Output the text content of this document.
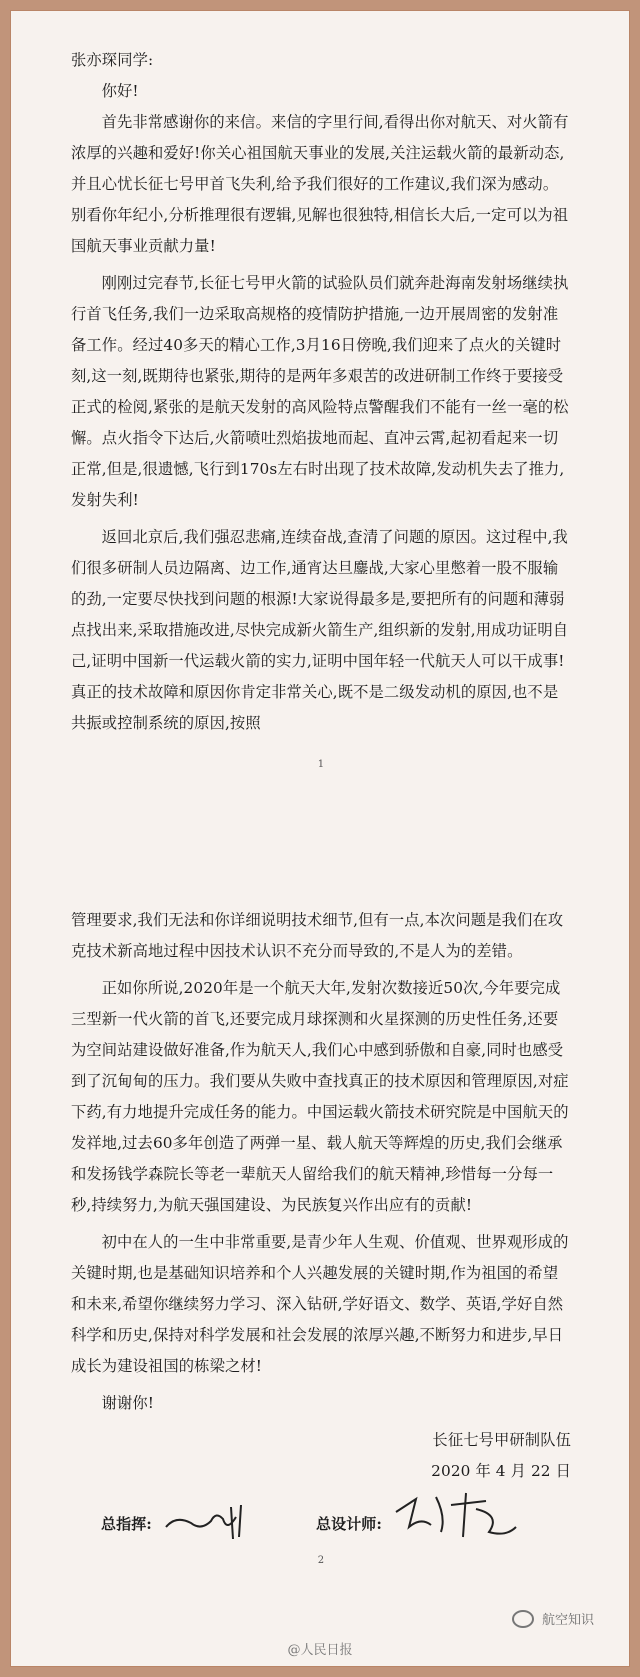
张亦琛同学:

你好!

首先非常感谢你的来信。来信的字里行间,看得出你对航天、对火箭有浓厚的兴趣和爱好!你关心祖国航天事业的发展,关注运载火箭的最新动态,并且心忧长征七号甲首飞失利,给予我们很好的工作建议,我们深为感动。别看你年纪小,分析推理很有逻辑,见解也很独特,相信长大后,一定可以为祖国航天事业贡献力量!

刚刚过完春节,长征七号甲火箭的试验队员们就奔赴海南发射场继续执行首飞任务,我们一边采取高规格的疫情防护措施,一边开展周密的发射准备工作。经过40多天的精心工作,3月16日傍晚,我们迎来了点火的关键时刻,这一刻,既期待也紧张,期待的是两年多艰苦的改进研制工作终于要接受正式的检阅,紧张的是航天发射的高风险特点警醒我们不能有一丝一毫的松懈。点火指令下达后,火箭喷吐烈焰拔地而起、直冲云霄,起初看起来一切正常,但是,很遗憾,飞行到170s左右时出现了技术故障,发动机失去了推力,发射失利!

返回北京后,我们强忍悲痛,连续奋战,查清了问题的原因。这过程中,我们很多研制人员边隔离、边工作,通宵达旦鏖战,大家心里憋着一股不服输的劲,一定要尽快找到问题的根源!大家说得最多是,要把所有的问题和薄弱点找出来,采取措施改进,尽快完成新火箭生产,组织新的发射,用成功证明自己,证明中国新一代运载火箭的实力,证明中国年轻一代航天人可以干成事!真正的技术故障和原因你肯定非常关心,既不是二级发动机的原因,也不是共振或控制系统的原因,按照

1

管理要求,我们无法和你详细说明技术细节,但有一点,本次问题是我们在攻克技术新高地过程中因技术认识不充分而导致的,不是人为的差错。

正如你所说,2020年是一个航天大年,发射次数接近50次,今年要完成三型新一代火箭的首飞,还要完成月球探测和火星探测的历史性任务,还要为空间站建设做好准备,作为航天人,我们心中感到骄傲和自豪,同时也感受到了沉甸甸的压力。我们要从失败中查找真正的技术原因和管理原因,对症下药,有力地提升完成任务的能力。中国运载火箭技术研究院是中国航天的发祥地,过去60多年创造了两弹一星、载人航天等辉煌的历史,我们会继承和发扬钱学森院长等老一辈航天人留给我们的航天精神,珍惜每一分每一秒,持续努力,为航天强国建设、为民族复兴作出应有的贡献!

初中在人的一生中非常重要,是青少年人生观、价值观、世界观形成的关键时期,也是基础知识培养和个人兴趣发展的关键时期,作为祖国的希望和未来,希望你继续努力学习、深入钻研,学好语文、数学、英语,学好自然科学和历史,保持对科学发展和社会发展的浓厚兴趣,不断努力和进步,早日成长为建设祖国的栋梁之材!

谢谢你!

长征七号甲研制队伍

2020 年 4 月 22 日

总指挥:	总设计师:
2
航空知识
@人民日报
